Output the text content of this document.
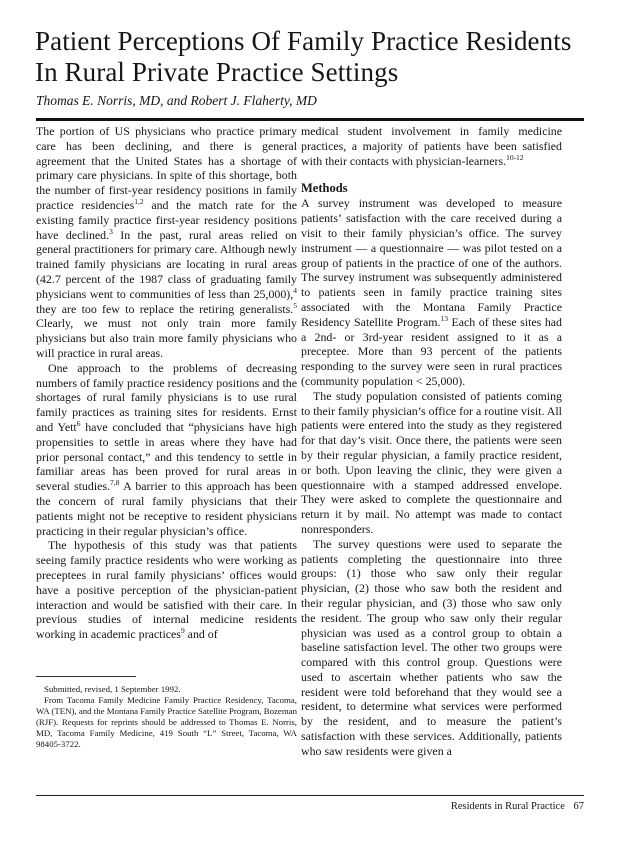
Patient Perceptions Of Family Practice Residents In Rural Private Practice Settings

Thomas E. Norris, MD, and Robert J. Flaherty, MD

The portion of US physicians who practice primary care has been declining, and there is general agreement that the United States has a shortage of primary care physicians. In spite of this shortage, both the number of first-year residency positions in family practice residencies$^{1,2}$ and the match rate for the existing family practice first-year residency positions have declined.$^3$ In the past, rural areas relied on general practitioners for primary care. Although newly trained family physicians are locating in rural areas (42.7 percent of the 1987 class of graduating family physicians went to communities of less than 25,000),$^4$ they are too few to replace the retiring generalists.$^5$ Clearly, we must not only train more family physicians but also train more family physicians who will practice in rural areas.

One approach to the problems of decreasing numbers of family practice residency positions and the shortages of rural family physicians is to use rural family practices as training sites for residents. Ernst and Yett$^6$ have concluded that “physicians have high propensities to settle in areas where they have had prior personal contact,” and this tendency to settle in familiar areas has been proved for rural areas in several studies.$^{7,8}$ A barrier to this approach has been the concern of rural family physicians that their patients might not be receptive to resident physicians practicing in their regular physician’s office.

The hypothesis of this study was that patients seeing family practice residents who were working as preceptees in rural family physicians’ offices would have a positive perception of the physician-patient interaction and would be satisfied with their care. In previous studies of internal medicine residents working in academic practices$^9$ and of

Submitted, revised, 1 September 1992.

From Tacoma Family Medicine Family Practice Residency, Tacoma, WA (TEN), and the Montana Family Practice Satellite Program, Bozeman (RJF). Requests for reprints should be addressed to Thomas E. Norris, MD, Tacoma Family Medicine, 419 South “L” Street, Tacoma, WA 98405-3722.

medical student involvement in family medicine practices, a majority of patients have been satisfied with their contacts with physician-learners.$^{10-12}$

Methods

A survey instrument was developed to measure patients’ satisfaction with the care received during a visit to their family physician’s office. The survey instrument — a questionnaire — was pilot tested on a group of patients in the practice of one of the authors. The survey instrument was subsequently administered to patients seen in family practice training sites associated with the Montana Family Practice Residency Satellite Program.$^{13}$ Each of these sites had a 2nd- or 3rd-year resident assigned to it as a preceptee. More than 93 percent of the patients responding to the survey were seen in rural practices (community population < 25,000).

The study population consisted of patients coming to their family physician’s office for a routine visit. All patients were entered into the study as they registered for that day’s visit. Once there, the patients were seen by their regular physician, a family practice resident, or both. Upon leaving the clinic, they were given a questionnaire with a stamped addressed envelope. They were asked to complete the questionnaire and return it by mail. No attempt was made to contact nonresponders.

The survey questions were used to separate the patients completing the questionnaire into three groups: (1) those who saw only their regular physician, (2) those who saw both the resident and their regular physician, and (3) those who saw only the resident. The group who saw only their regular physician was used as a control group to obtain a baseline satisfaction level. The other two groups were compared with this control group. Questions were used to ascertain whether patients who saw the resident were told beforehand that they would see a resident, to determine what services were performed by the resident, and to measure the patient’s satisfaction with these services. Additionally, patients who saw residents were given a

Residents in Rural Practice 67
